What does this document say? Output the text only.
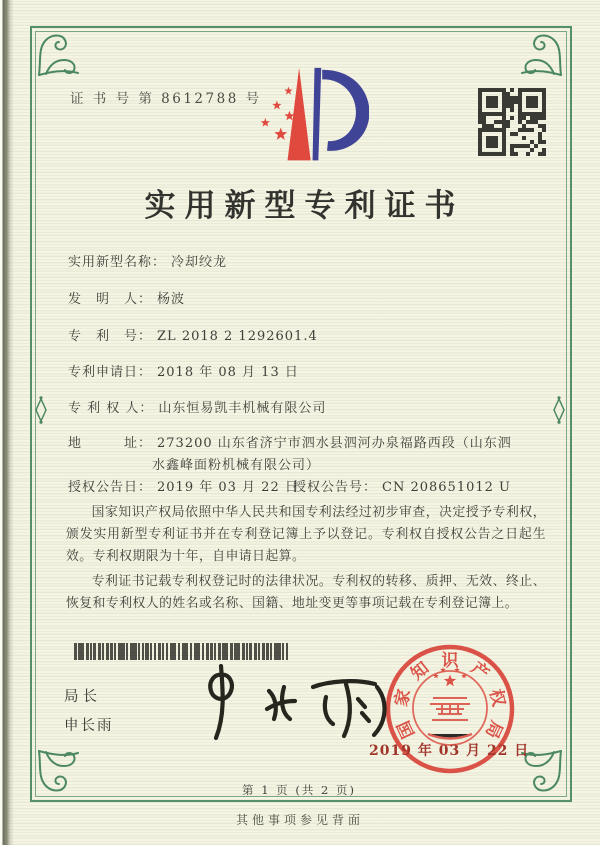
证 书 号 第 8612788 号
实用新型专利证书
实用新型名称： 冷却绞龙
发　明　人： 杨波
专　利　号： ZL 2018 2 1292601.4
专利申请日： 2018 年 08 月 13 日
专 利 权 人： 山东恒易凯丰机械有限公司
地　　　址： 273200 山东省济宁市泗水县泗河办泉福路西段（山东泗
水鑫峰面粉机械有限公司）
授权公告日： 2019 年 03 月 22 日
授权公告号： CN 208651012 U

国家知识产权局依照中华人民共和国专利法经过初步审查，决定授予专利权，颁发实用新型专利证书并在专利登记簿上予以登记。专利权自授权公告之日起生效。专利权期限为十年，自申请日起算。

专利证书记载专利权登记时的法律状况。专利权的转移、质押、无效、终止、恢复和专利权人的姓名或名称、国籍、地址变更等事项记载在专利登记簿上。

局长
申长雨	国
家
知 识 产
权
局
2019 年 03 月 22 日
第 1 页 (共 2 页)
其他事项参见背面
